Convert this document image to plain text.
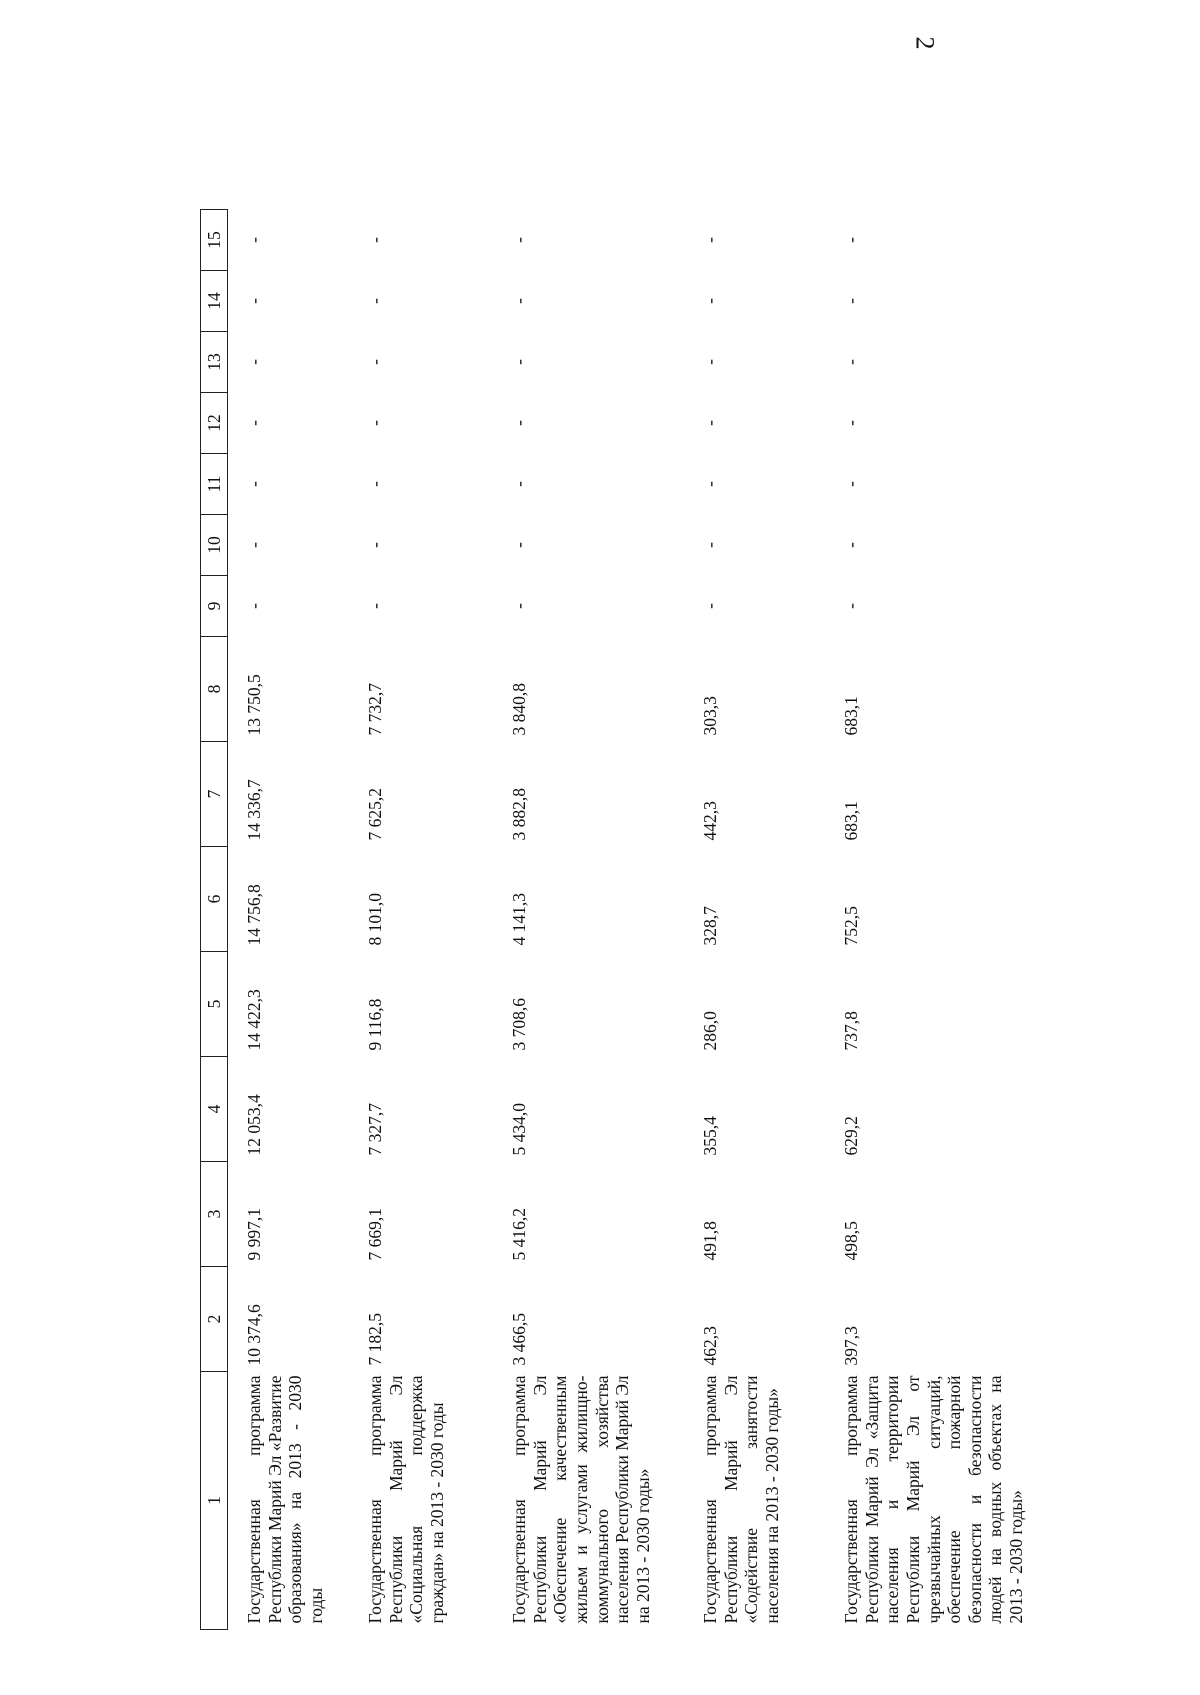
2
1	2	3	4	5	6	7	8	9	10	11	12	13	14	15
Государственная программа Республики Марий Эл «Развитие образования» на 2013 - 2030 годы	10 374,6	9 997,1	12 053,4	14 422,3	14 756,8	14 336,7	13 750,5	-	-	-	-	-	-	-
Государственная программа Республики Марий Эл «Социальная поддержка граждан» на 2013 - 2030 годы	7 182,5	7 669,1	7 327,7	9 116,8	8 101,0	7 625,2	7 732,7	-	-	-	-	-	-	-
Государственная программа Республики Марий Эл «Обеспечение качественным жильем и услугами жилищно-коммунального хозяйства населения Республики Марий Эл на 2013 - 2030 годы»	3 466,5	5 416,2	5 434,0	3 708,6	4 141,3	3 882,8	3 840,8	-	-	-	-	-	-	-
Государственная программа Республики Марий Эл «Содействие занятости населения на 2013 - 2030 годы»	462,3	491,8	355,4	286,0	328,7	442,3	303,3	-	-	-	-	-	-	-
Государственная программа Республики Марий Эл «Защита населения и территории Республики Марий Эл от чрезвычайных ситуаций, обеспечение пожарной безопасности и безопасности людей на водных объектах на 2013 - 2030 годы»	397,3	498,5	629,2	737,8	752,5	683,1	683,1	-	-	-	-	-	-	-
